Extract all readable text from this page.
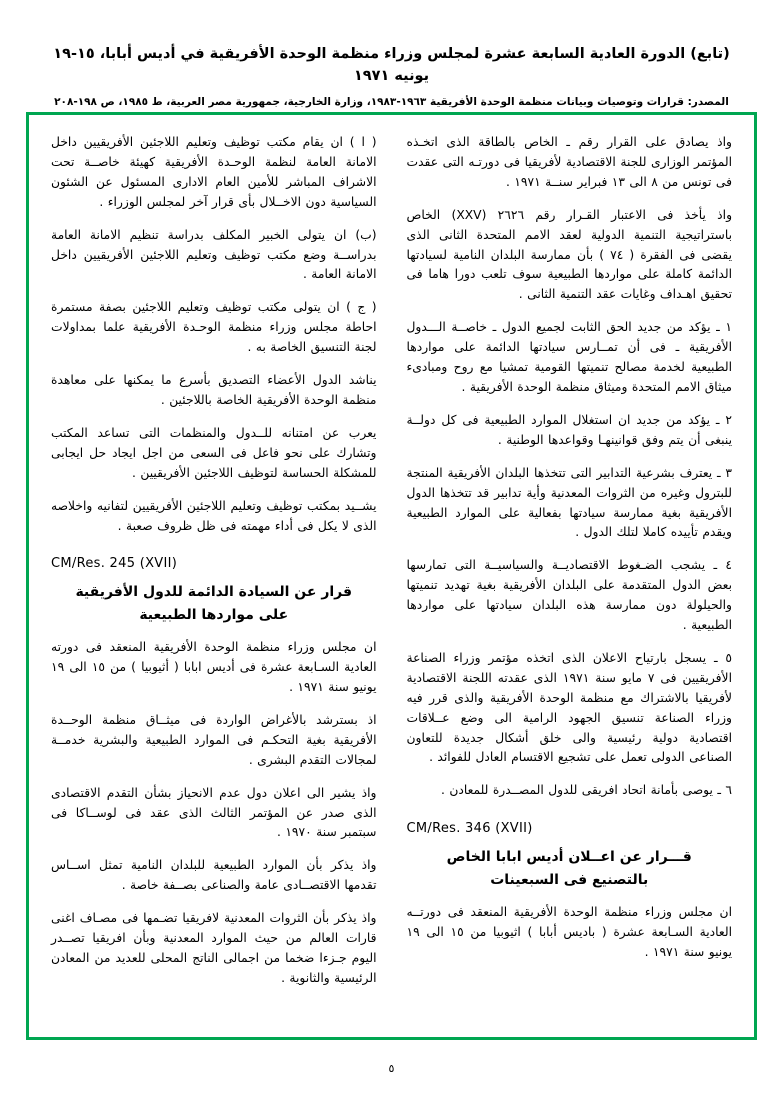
(تابع) الدورة العادية السابعة عشرة لمجلس وزراء منظمة الوحدة الأفريقية في أديس أبابا، ١٥-١٩ يونيه ١٩٧١
المصدر: قرارات وتوصيات وبيانات منظمة الوحدة الأفريقية ١٩٦٣-١٩٨٣، وزارة الخارجية، جمهورية مصر العربية، ط ١٩٨٥، ص ١٩٨-٢٠٨

واذ يصادق على القرار رقم ـ الخاص بالطاقة الذى اتخـذه المؤتمر الوزارى للجنة الاقتصادية لأفريقيا فى دورتـه التى عقدت فى تونس من ٨ الى ١٣ فبراير سنــة ١٩٧١ .

واذ يأخذ فى الاعتبار القـرار رقم ٢٦٢٦ (XXV) الخاص باستراتيجية التنمية الدولية لعقد الامم المتحدة الثانى الذى يقضى فى الفقرة ( ٧٤ ) بأن ممارسة البلدان النامية لسيادتها الدائمة كاملة على مواردها الطبيعية سوف تلعب دورا هاما فى تحقيق اهـداف وغايات عقد التنمية الثانى .

١ ـ يؤكد من جديد الحق الثابت لجميع الدول ـ خاصــة الـــدول الأفريقية ـ فى أن تمــارس سيادتها الدائمة على مواردها الطبيعية لخدمة مصالح تنميتها القومية تمشيا مع روح ومبادىء ميثاق الامم المتحدة وميثاق منظمة الوحدة الأفريقية .

٢ ـ يؤكد من جديد ان استغلال الموارد الطبيعية فى كل دولــة ينبغى أن يتم وفق قوانينهـا وقواعدها الوطنية .

٣ ـ يعترف بشرعية التدابير التى تتخذها البلدان الأفريقية المنتجة للبترول وغيره من الثروات المعدنية وأية تدابير قد تتخذها الدول الأفريقية بغية ممارسة سيادتها بفعالية على الموارد الطبيعية ويقدم تأييده كاملا لتلك الدول .

٤ ـ يشجب الضـغوط الاقتصاديــة والسياسيــة التى تمارسها بعض الدول المتقدمة على البلدان الأفريقية بغية تهديد تنميتها والحيلولة دون ممارسة هذه البلدان سيادتها على مواردها الطبيعية .

٥ ـ يسجل بارتياح الاعلان الذى اتخذه مؤتمر وزراء الصناعة الأفريقيين فى ٧ مايو سنة ١٩٧١ الذى عقدته اللجنة الاقتصادية لأفريقيا بالاشتراك مع منظمة الوحدة الأفريقية والذى قرر فيه وزراء الصناعة تنسيق الجهود الرامية الى وضع عــلاقات اقتصادية دولية رئيسية والى خلق أشكال جديدة للتعاون الصناعى الدولى تعمل على تشجيع الاقتسام العادل للفوائد .

٦ ـ يوصى بأمانة اتحاد افريقى للدول المصــدرة للمعادن .

CM/Res. 346 (XVII)
قـــرار عن اعــلان أديس ابابا الخاص
بالتصنيع فى السبعينات

ان مجلس وزراء منظمة الوحدة الأفريقية المنعقد فى دورتــه العادية السـابعة عشرة ( باديس أبابا ) اثيوبيا من ١٥ الى ١٩ يونيو سنة ١٩٧١ .

( ا ) ان يقام مكتب توظيف وتعليم اللاجئين الأفريقيين داخل الامانة العامة لنظمة الوحـدة الأفريقية كهيئة خاصــة تحت الاشراف المباشر للأمين العام الادارى المسئول عن الشئون السياسية دون الاخــلال بأى قرار آخر لمجلس الوزراء .

(ب) ان يتولى الخبير المكلف بدراسة تنظيم الامانة العامة بدراســة وضع مكتب توظيف وتعليم اللاجئين الأفريقيين داخل الامانة العامة .

( ج ) ان يتولى مكتب توظيف وتعليم اللاجئين بصفة مستمرة احاطة مجلس وزراء منظمة الوحـدة الأفريقية علما بمداولات لجنة التنسيق الخاصة به .

يناشد الدول الأعضاء التصديق بأسرع ما يمكنها على معاهدة منظمة الوحدة الأفريقية الخاصة باللاجئين .

يعرب عن امتنانه للــدول والمنظمات التى تساعد المكتب وتشارك على نحو فاعل فى السعى من اجل ايجاد حل ايجابى للمشكلة الحساسة لتوظيف اللاجئين الأفريقيين .

يشــيد بمكتب توظيف وتعليم اللاجئين الأفريقيين لتفانيه واخلاصه الذى لا يكل فى أداء مهمته فى ظل ظروف صعبة .

CM/Res. 245 (XVII)
قرار عن السيادة الدائمة للدول الأفريقية
على مواردها الطبيعية

ان مجلس وزراء منظمة الوحدة الأفريقية المنعقد فى دورته العادية السـابعة عشرة فى أديس ابابا ( أثيوبيا ) من ١٥ الى ١٩ يونيو سنة ١٩٧١ .

اذ بسترشد بالأغراض الواردة فى ميثــاق منظمة الوحــدة الأفريقية بغية التحكـم فى الموارد الطبيعية والبشرية خدمــة لمجالات التقدم البشرى .

واذ يشير الى اعلان دول عدم الانحياز بشأن التقدم الاقتصادى الذى صدر عن المؤتمر الثالث الذى عقد فى لوســاكا فى سبتمبر سنة ١٩٧٠ .

واذ يذكر بأن الموارد الطبيعية للبلدان النامية تمثل اســاس تقدمها الاقتصــادى عامة والصناعى بصــفة خاصة .

واذ يذكر بأن الثروات المعدنية لافريقيا تضـمها فى مصـاف اغنى قارات العالم من حيث الموارد المعدنية وبأن افريقيا تصــدر اليوم جـزءا ضخما من اجمالى الناتج المحلى للعديد من المعادن الرئيسية والثانوية .

٥
